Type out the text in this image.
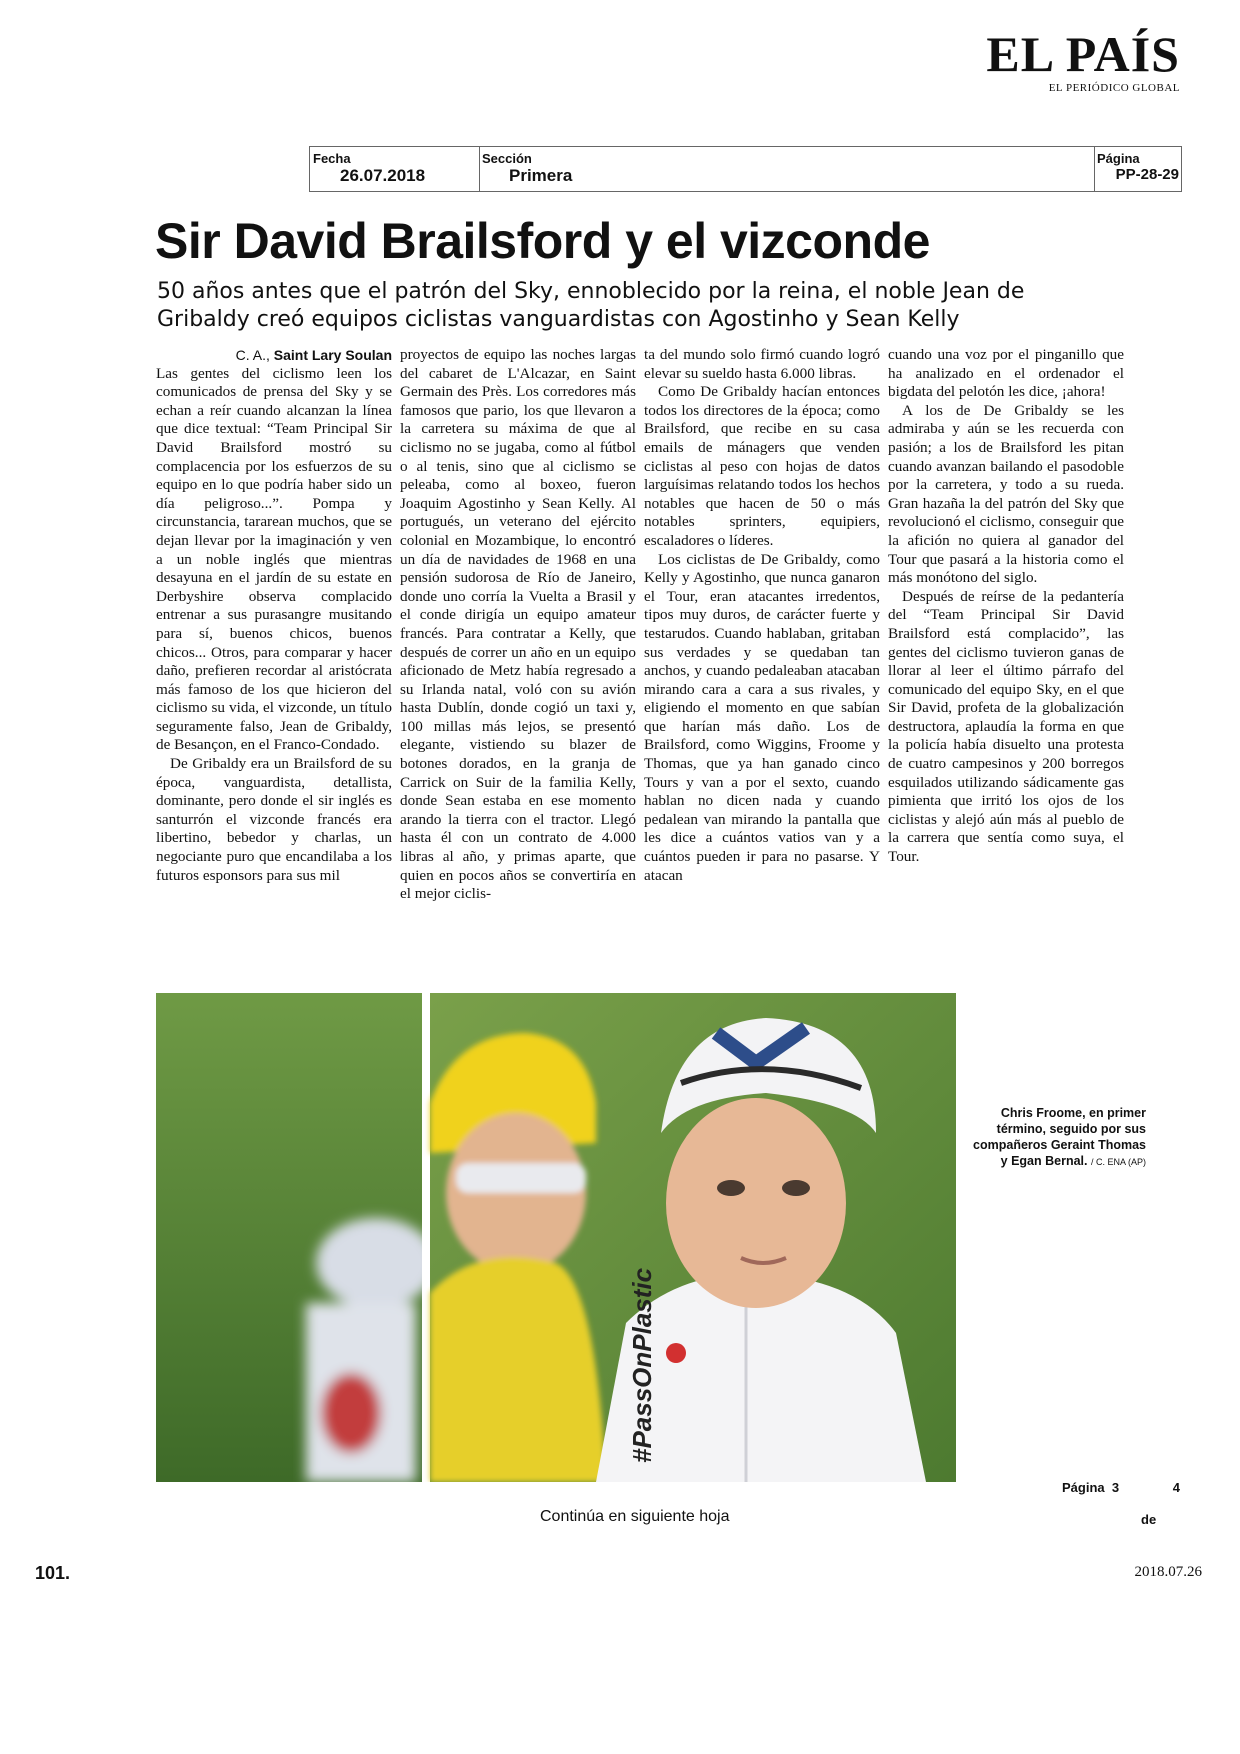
EL PAÍS
EL PERIÓDICO GLOBAL
Fecha
26.07.2018
Sección
Primera
Página
PP-28-29
Sir David Brailsford y el vizconde
50 años antes que el patrón del Sky, ennoblecido por la reina, el noble Jean de Gribaldy creó equipos ciclistas vanguardistas con Agostinho y Sean Kelly
C. A., Saint Lary Soulan

Las gentes del ciclismo leen los comunicados de prensa del Sky y se echan a reír cuando alcanzan la línea que dice textual: “Team Principal Sir David Brailsford mostró su complacencia por los esfuerzos de su equipo en lo que podría haber sido un día peligroso...”. Pompa y circunstancia, tararean muchos, que se dejan llevar por la imaginación y ven a un noble inglés que mientras desayuna en el jardín de su estate en Derbyshire observa complacido entrenar a sus purasangre musitando para sí, buenos chicos, buenos chicos... Otros, para comparar y hacer daño, prefieren recordar al aristócrata más famoso de los que hicieron del ciclismo su vida, el vizconde, un título seguramente falso, Jean de Gribaldy, de Besançon, en el Franco-Condado.

De Gribaldy era un Brailsford de su época, vanguardista, detallista, dominante, pero donde el sir inglés es santurrón el vizconde francés era libertino, bebedor y charlas, un negociante puro que encandilaba a los futuros esponsors para sus mil

proyectos de equipo las noches largas del cabaret de L'Alcazar, en Saint Germain des Près. Los corredores más famosos que pario, los que llevaron a la carretera su máxima de que al ciclismo no se jugaba, como al fútbol o al tenis, sino que al ciclismo se peleaba, como al boxeo, fueron Joaquim Agostinho y Sean Kelly. Al portugués, un veterano del ejército colonial en Mozambique, lo encontró un día de navidades de 1968 en una pensión sudorosa de Río de Janeiro, donde uno corría la Vuelta a Brasil y el conde dirigía un equipo amateur francés. Para contratar a Kelly, que después de correr un año en un equipo aficionado de Metz había regresado a su Irlanda natal, voló con su avión hasta Dublín, donde cogió un taxi y, 100 millas más lejos, se presentó elegante, vistiendo su blazer de botones dorados, en la granja de Carrick on Suir de la familia Kelly, donde Sean estaba en ese momento arando la tierra con el tractor. Llegó hasta él con un contrato de 4.000 libras al año, y primas aparte, que quien en pocos años se convertiría en el mejor ciclis-

ta del mundo solo firmó cuando logró elevar su sueldo hasta 6.000 libras.

Como De Gribaldy hacían entonces todos los directores de la época; como Brailsford, que recibe en su casa emails de mánagers que venden ciclistas al peso con hojas de datos larguísimas relatando todos los hechos notables que hacen de 50 o más notables sprinters, equipiers, escaladores o líderes.

Los ciclistas de De Gribaldy, como Kelly y Agostinho, que nunca ganaron el Tour, eran atacantes irredentos, tipos muy duros, de carácter fuerte y testarudos. Cuando hablaban, gritaban sus verdades y se quedaban tan anchos, y cuando pedaleaban atacaban mirando cara a cara a sus rivales, y eligiendo el momento en que sabían que harían más daño. Los de Brailsford, como Wiggins, Froome y Thomas, que ya han ganado cinco Tours y van a por el sexto, cuando hablan no dicen nada y cuando pedalean van mirando la pantalla que les dice a cuántos vatios van y a cuántos pueden ir para no pasarse. Y atacan

cuando una voz por el pinganillo que ha analizado en el ordenador el bigdata del pelotón les dice, ¡ahora!

A los de De Gribaldy se les admiraba y aún se les recuerda con pasión; a los de Brailsford les pitan cuando avanzan bailando el pasodoble por la carretera, y todo a su rueda. Gran hazaña la del patrón del Sky que revolucionó el ciclismo, conseguir que la afición no quiera al ganador del Tour que pasará a la historia como el más monótono del siglo.

Después de reírse de la pedantería del “Team Principal Sir David Brailsford está complacido”, las gentes del ciclismo tuvieron ganas de llorar al leer el último párrafo del comunicado del equipo Sky, en el que Sir David, profeta de la globalización destructora, aplaudía la forma en que la policía había disuelto una protesta de cuatro campesinos y 200 borregos esquilados utilizando sádicamente gas pimienta que irritó los ojos de los ciclistas y alejó aún más al pueblo de la carrera que sentía como suya, el Tour.

#PassOnPlastic
Chris Froome, en primer término, seguido por sus compañeros Geraint Thomas y Egan Bernal. / C. ENA (AP)
Página 3	4
Continúa en siguiente hoja	de
101.	2018.07.26
